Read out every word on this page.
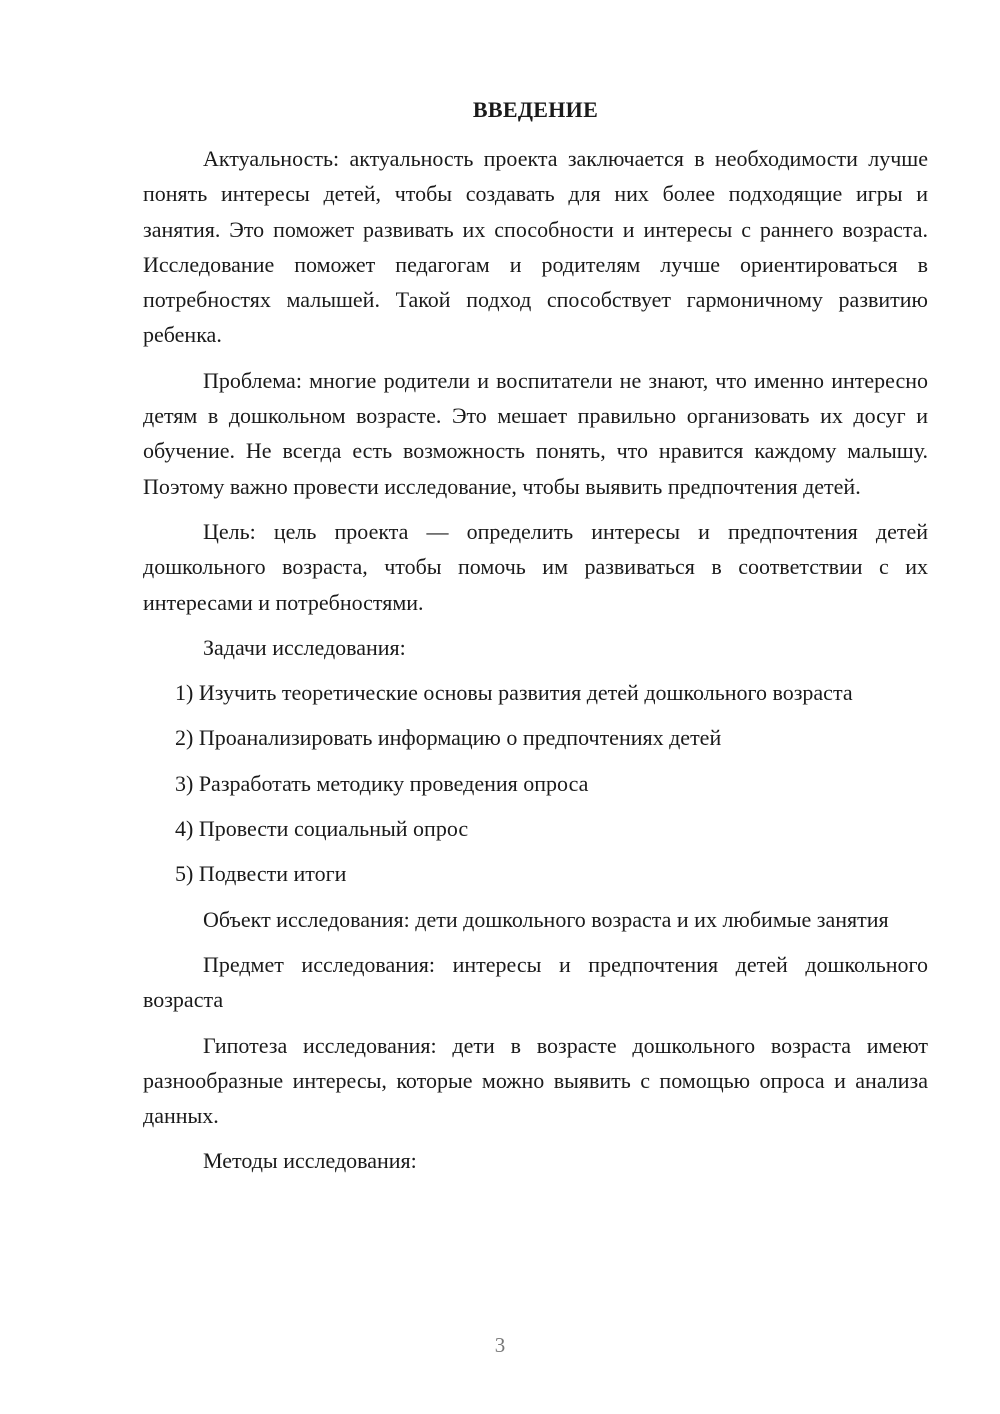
ВВЕДЕНИЕ

Актуальность: актуальность проекта заключается в необходимости лучше понять интересы детей, чтобы создавать для них более подходящие игры и занятия. Это поможет развивать их способности и интересы с раннего возраста. Исследование поможет педагогам и родителям лучше ориентироваться в потребностях малышей. Такой подход способствует гармоничному развитию ребенка.

Проблема: многие родители и воспитатели не знают, что именно интересно детям в дошкольном возрасте. Это мешает правильно организовать их досуг и обучение. Не всегда есть возможность понять, что нравится каждому малышу. Поэтому важно провести исследование, чтобы выявить предпочтения детей.

Цель: цель проекта — определить интересы и предпочтения детей дошкольного возраста, чтобы помочь им развиваться в соответствии с их интересами и потребностями.

Задачи исследования:

1) Изучить теоретические основы развития детей дошкольного возраста

2) Проанализировать информацию о предпочтениях детей

3) Разработать методику проведения опроса

4) Провести социальный опрос

5) Подвести итоги

Объект исследования: дети дошкольного возраста и их любимые занятия

Предмет исследования: интересы и предпочтения детей дошкольного возраста

Гипотеза исследования: дети в возрасте дошкольного возраста имеют разнообразные интересы, которые можно выявить с помощью опроса и анализа данных.

Методы исследования:

3
